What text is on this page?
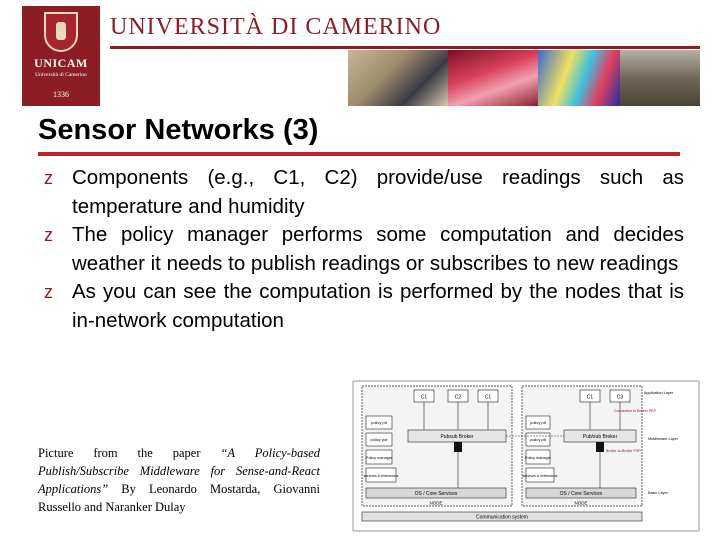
UNICAM
Università di Camerino
1336
UNIVERSITÀ DI CAMERINO
Sensor Networks (3)
z Components (e.g., C1, C2) provide/use readings such as temperature and humidity
z The policy manager performs some computation and decides weather it needs to publish readings or subscribes to new readings
z As you can see the computation is performed by the nodes that is in-network computation
Picture from the paper “A Policy-based Publish/Subscribe Middleware for Sense-and-React Applications” By Leonardo Mostarda, Giovanni Russello and Naranker Dulay
C1	C2	C1
policy ptt
policy pdf
Policy manager
services & extensions
Pubsub Broker
OS / Core Services
NODE
C1	C3
policy ptt
policy ptt
Policy manager
services & extensions
Pub/sub Broker
OS / Core Services
NODE
Communication system
Application Layer
Connection to Broker PEP
Middleware Layer
Broker-to-Broker PSP
Basic Layer
